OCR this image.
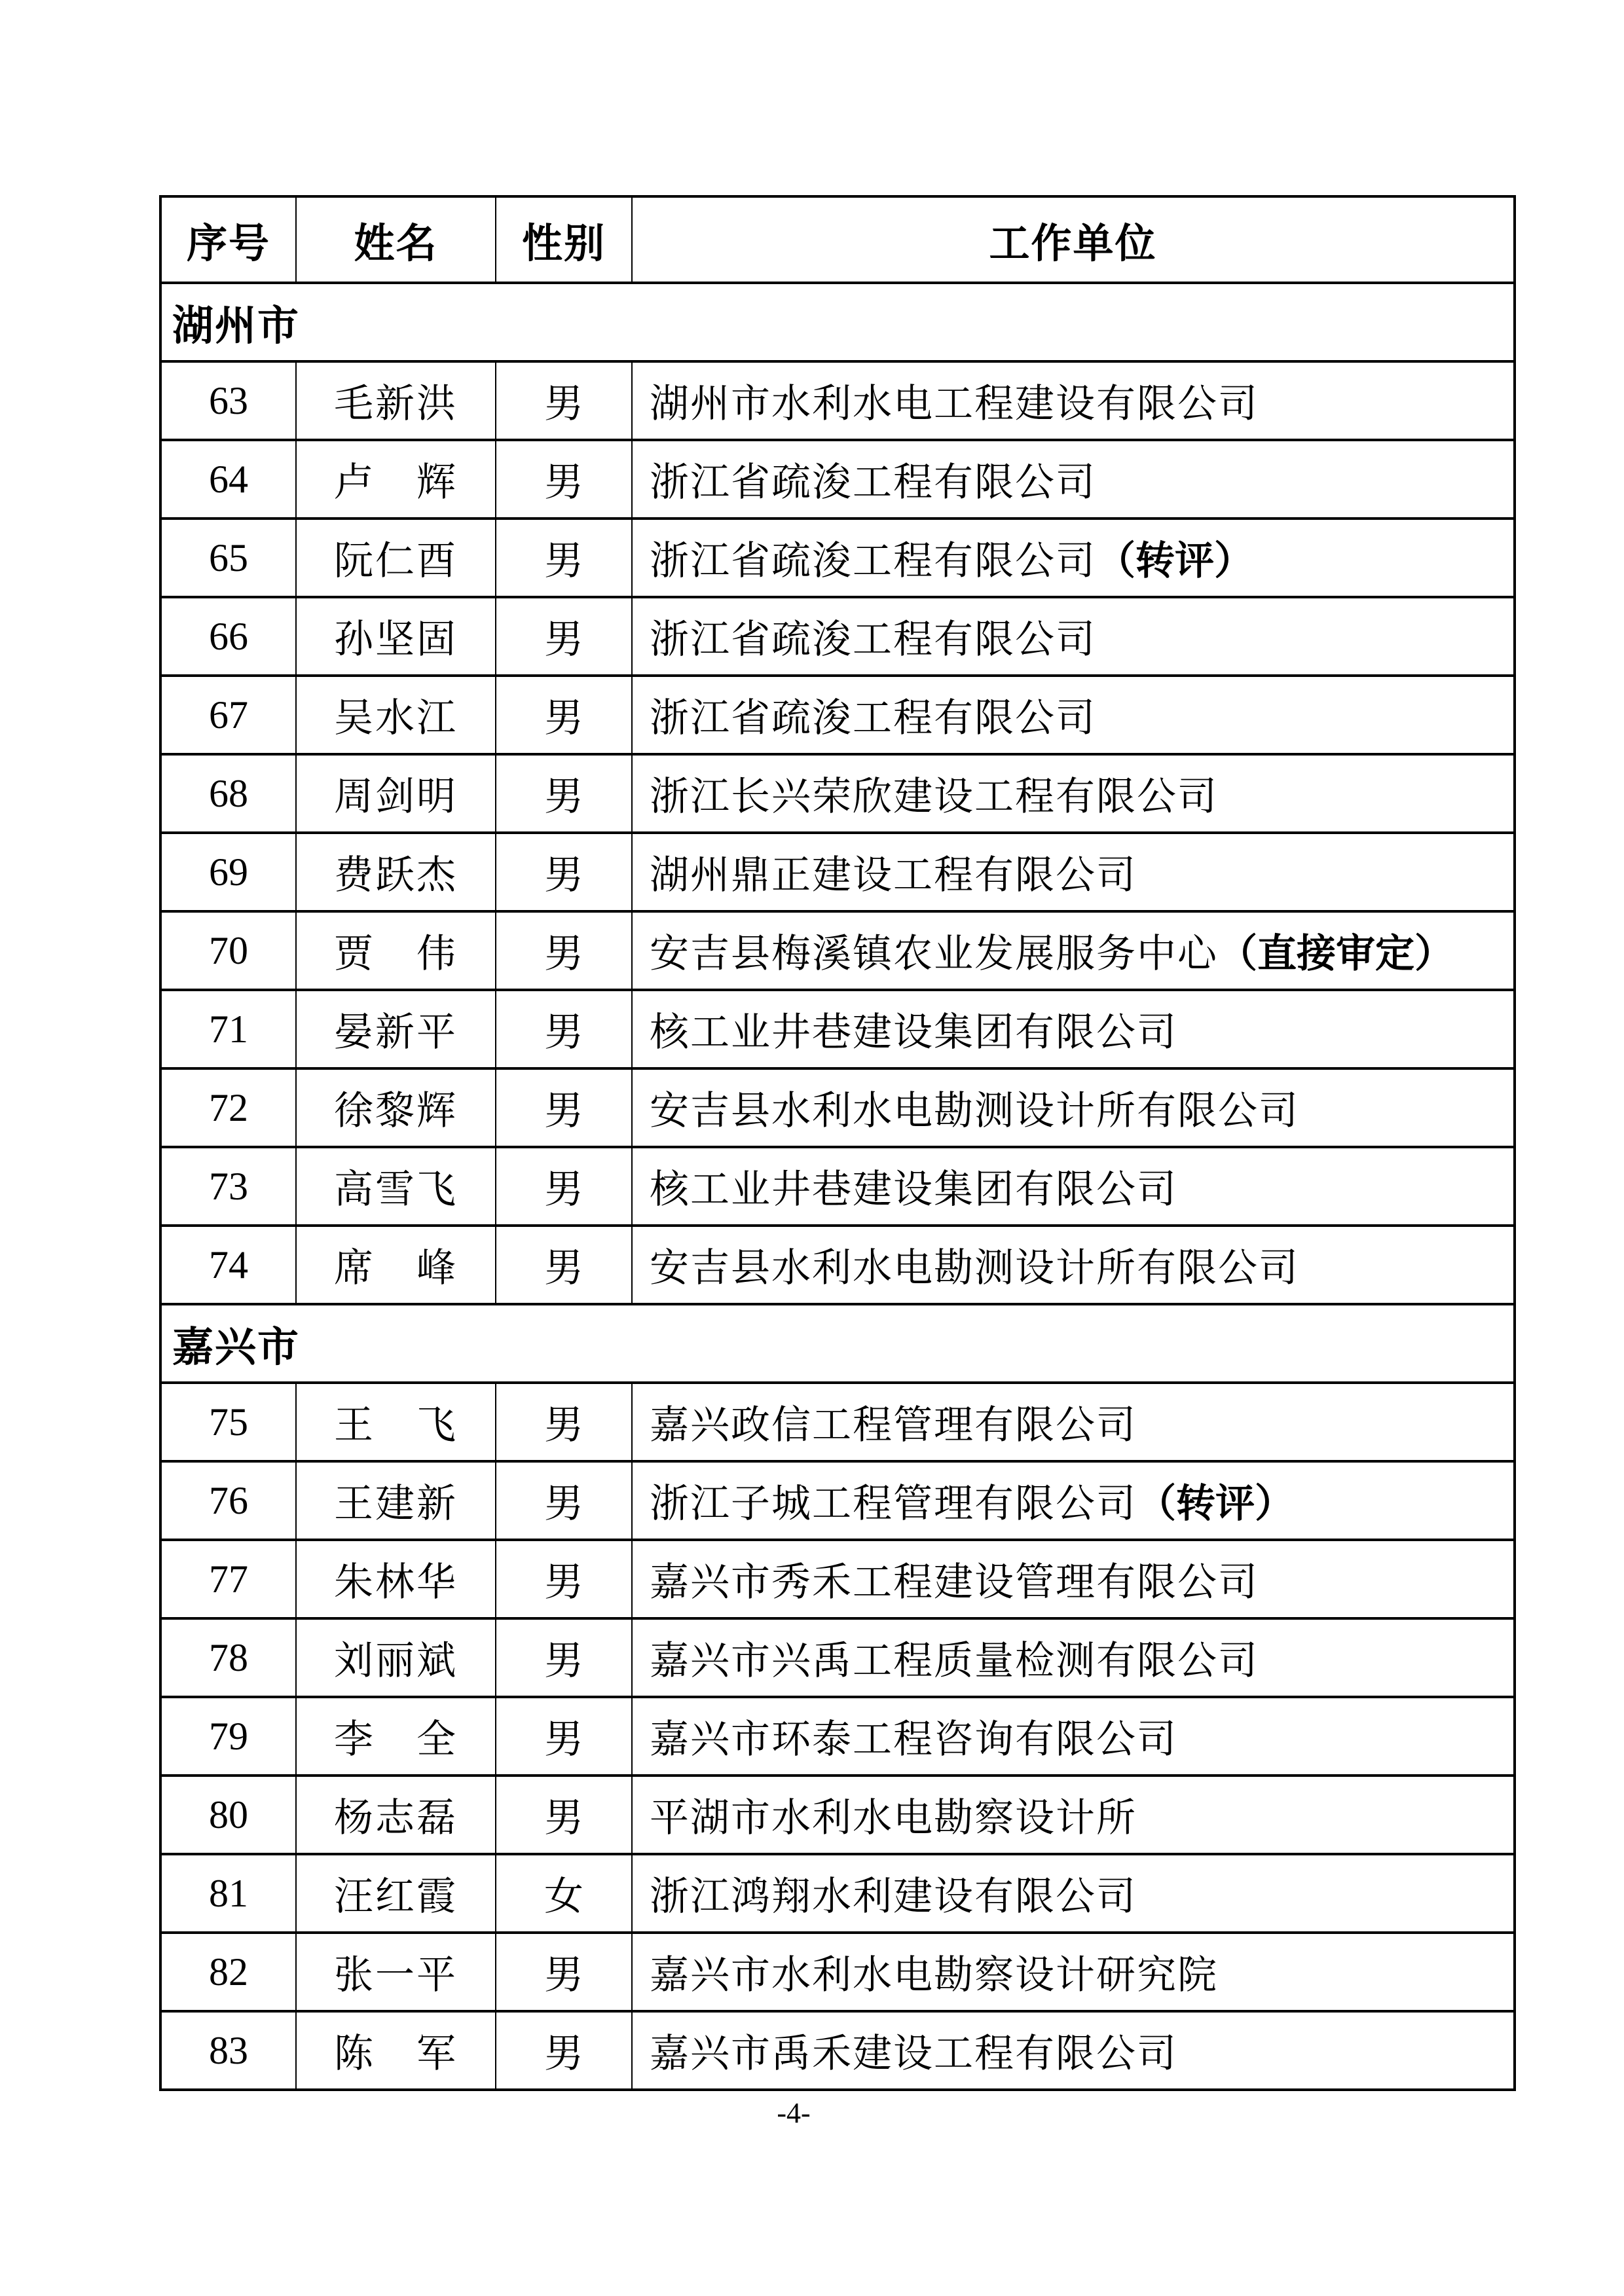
序号	姓名	性别	工作单位
湖州市			
63	毛新洪	男	湖州市水利水电工程建设有限公司
64	卢　辉	男	浙江省疏浚工程有限公司
65	阮仁酉	男	浙江省疏浚工程有限公司（转评）
66	孙坚固	男	浙江省疏浚工程有限公司
67	吴水江	男	浙江省疏浚工程有限公司
68	周剑明	男	浙江长兴荣欣建设工程有限公司
69	费跃杰	男	湖州鼎正建设工程有限公司
70	贾　伟	男	安吉县梅溪镇农业发展服务中心（直接审定）
71	晏新平	男	核工业井巷建设集团有限公司
72	徐黎辉	男	安吉县水利水电勘测设计所有限公司
73	高雪飞	男	核工业井巷建设集团有限公司
74	席　峰	男	安吉县水利水电勘测设计所有限公司
嘉兴市			
75	王　飞	男	嘉兴政信工程管理有限公司
76	王建新	男	浙江子城工程管理有限公司（转评）
77	朱林华	男	嘉兴市秀禾工程建设管理有限公司
78	刘丽斌	男	嘉兴市兴禹工程质量检测有限公司
79	李　全	男	嘉兴市环泰工程咨询有限公司
80	杨志磊	男	平湖市水利水电勘察设计所
81	汪红霞	女	浙江鸿翔水利建设有限公司
82	张一平	男	嘉兴市水利水电勘察设计研究院
83	陈　军	男	嘉兴市禹禾建设工程有限公司
-4-
